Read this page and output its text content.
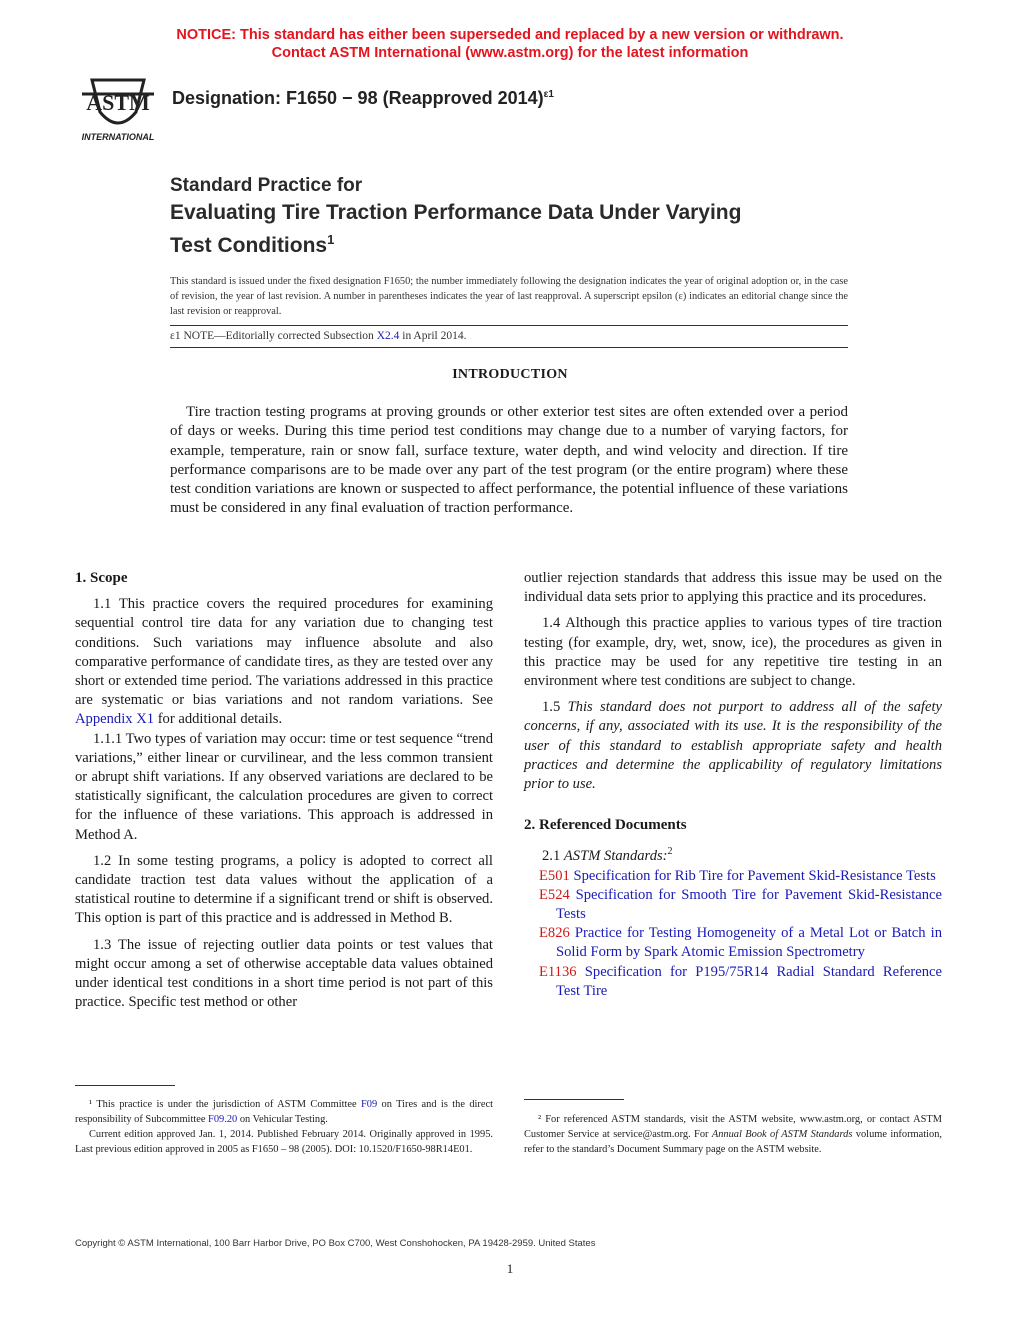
NOTICE: This standard has either been superseded and replaced by a new version or withdrawn.
Contact ASTM International (www.astm.org) for the latest information
ASTM
INTERNATIONAL
Designation: F1650 − 98 (Reapproved 2014)$^{\varepsilon 1}$
Standard Practice for
Evaluating Tire Traction Performance Data Under Varying
Test Conditions$^1$
This standard is issued under the fixed designation F1650; the number immediately following the designation indicates the year of original adoption or, in the case of revision, the year of last revision. A number in parentheses indicates the year of last reapproval. A superscript epsilon (ε) indicates an editorial change since the last revision or reapproval.
ε1 NOTE—Editorially corrected Subsection X2.4 in April 2014.
INTRODUCTION
Tire traction testing programs at proving grounds or other exterior test sites are often extended over a period of days or weeks. During this time period test conditions may change due to a number of varying factors, for example, temperature, rain or snow fall, surface texture, water depth, and wind velocity and direction. If tire performance comparisons are to be made over any part of the test program (or the entire program) where these test condition variations are known or suspected to affect performance, the potential influence of these variations must be considered in any final evaluation of traction performance.
1. Scope

1.1 This practice covers the required procedures for examining sequential control tire data for any variation due to changing test conditions. Such variations may influence absolute and also comparative performance of candidate tires, as they are tested over any short or extended time period. The variations addressed in this practice are systematic or bias variations and not random variations. See Appendix X1 for additional details.

1.1.1 Two types of variation may occur: time or test sequence “trend variations,” either linear or curvilinear, and the less common transient or abrupt shift variations. If any observed variations are declared to be statistically significant, the calculation procedures are given to correct for the influence of these variations. This approach is addressed in Method A.

1.2 In some testing programs, a policy is adopted to correct all candidate traction test data values without the application of a statistical routine to determine if a significant trend or shift is observed. This option is part of this practice and is addressed in Method B.

1.3 The issue of rejecting outlier data points or test values that might occur among a set of otherwise acceptable data values obtained under identical test conditions in a short time period is not part of this practice. Specific test method or other

outlier rejection standards that address this issue may be used on the individual data sets prior to applying this practice and its procedures.

1.4 Although this practice applies to various types of tire traction testing (for example, dry, wet, snow, ice), the procedures as given in this practice may be used for any repetitive tire testing in an environment where test conditions are subject to change.

1.5 This standard does not purport to address all of the safety concerns, if any, associated with its use. It is the responsibility of the user of this standard to establish appropriate safety and health practices and determine the applicability of regulatory limitations prior to use.

2. Referenced Documents

2.1 ASTM Standards:$^2$

E501 Specification for Rib Tire for Pavement Skid-Resistance Tests

E524 Specification for Smooth Tire for Pavement Skid-Resistance Tests

E826 Practice for Testing Homogeneity of a Metal Lot or Batch in Solid Form by Spark Atomic Emission Spectrometry

E1136 Specification for P195/75R14 Radial Standard Reference Test Tire

¹ This practice is under the jurisdiction of ASTM Committee F09 on Tires and is the direct responsibility of Subcommittee F09.20 on Vehicular Testing.

Current edition approved Jan. 1, 2014. Published February 2014. Originally approved in 1995. Last previous edition approved in 2005 as F1650 – 98 (2005). DOI: 10.1520/F1650-98R14E01.

² For referenced ASTM standards, visit the ASTM website, www.astm.org, or contact ASTM Customer Service at service@astm.org. For Annual Book of ASTM Standards volume information, refer to the standard’s Document Summary page on the ASTM website.

Copyright © ASTM International, 100 Barr Harbor Drive, PO Box C700, West Conshohocken, PA 19428-2959. United States
1
